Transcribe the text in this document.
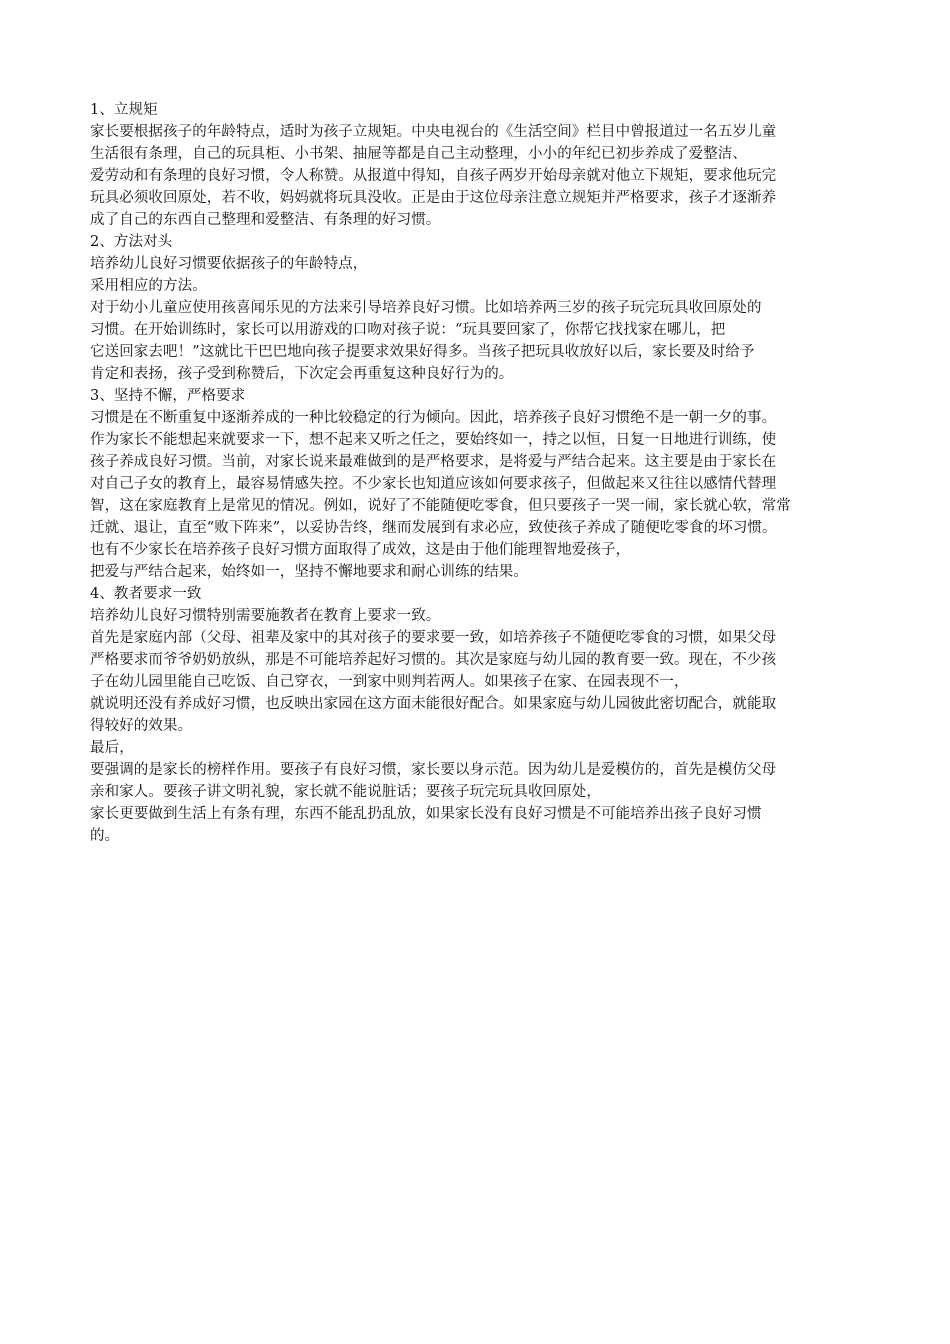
1、立规矩
家长要根据孩子的年龄特点，适时为孩子立规矩。中央电视台的《生活空间》栏目中曾报道过一名五岁儿童
生活很有条理，自己的玩具柜、小书架、抽屉等都是自己主动整理，小小的年纪已初步养成了爱整洁、
爱劳动和有条理的良好习惯，令人称赞。从报道中得知，自孩子两岁开始母亲就对他立下规矩，要求他玩完
玩具必须收回原处，若不收，妈妈就将玩具没收。正是由于这位母亲注意立规矩并严格要求，孩子才逐渐养
成了自己的东西自己整理和爱整洁、有条理的好习惯。
2、方法对头
培养幼儿良好习惯要依据孩子的年龄特点，
采用相应的方法。
对于幼小儿童应使用孩喜闻乐见的方法来引导培养良好习惯。比如培养两三岁的孩子玩完玩具收回原处的
习惯。在开始训练时，家长可以用游戏的口吻对孩子说：“玩具要回家了，你帮它找找家在哪儿，把
它送回家去吧！”这就比干巴巴地向孩子提要求效果好得多。当孩子把玩具收放好以后，家长要及时给予
肯定和表扬，孩子受到称赞后，下次定会再重复这种良好行为的。
3、坚持不懈，严格要求
习惯是在不断重复中逐渐养成的一种比较稳定的行为倾向。因此，培养孩子良好习惯绝不是一朝一夕的事。
作为家长不能想起来就要求一下，想不起来又听之任之，要始终如一，持之以恒，日复一日地进行训练，使
孩子养成良好习惯。当前，对家长说来最难做到的是严格要求，是将爱与严结合起来。这主要是由于家长在
对自己子女的教育上，最容易情感失控。不少家长也知道应该如何要求孩子，但做起来又往往以感情代替理
智，这在家庭教育上是常见的情况。例如，说好了不能随便吃零食，但只要孩子一哭一闹，家长就心软，常常
迁就、退让，直至“败下阵来”，以妥协告终，继而发展到有求必应，致使孩子养成了随便吃零食的坏习惯。
也有不少家长在培养孩子良好习惯方面取得了成效，这是由于他们能理智地爱孩子，
把爱与严结合起来，始终如一，坚持不懈地要求和耐心训练的结果。
4、教者要求一致
培养幼儿良好习惯特别需要施教者在教育上要求一致。
首先是家庭内部（父母、祖辈及家中的其对孩子的要求要一致，如培养孩子不随便吃零食的习惯，如果父母
严格要求而爷爷奶奶放纵，那是不可能培养起好习惯的。其次是家庭与幼儿园的教育要一致。现在，不少孩
子在幼儿园里能自己吃饭、自己穿衣，一到家中则判若两人。如果孩子在家、在园表现不一，
就说明还没有养成好习惯，也反映出家园在这方面未能很好配合。如果家庭与幼儿园彼此密切配合，就能取
得较好的效果。
最后，
要强调的是家长的榜样作用。要孩子有良好习惯，家长要以身示范。因为幼儿是爱模仿的，首先是模仿父母
亲和家人。要孩子讲文明礼貌，家长就不能说脏话；要孩子玩完玩具收回原处，
家长更要做到生活上有条有理，东西不能乱扔乱放，如果家长没有良好习惯是不可能培养出孩子良好习惯
的。
